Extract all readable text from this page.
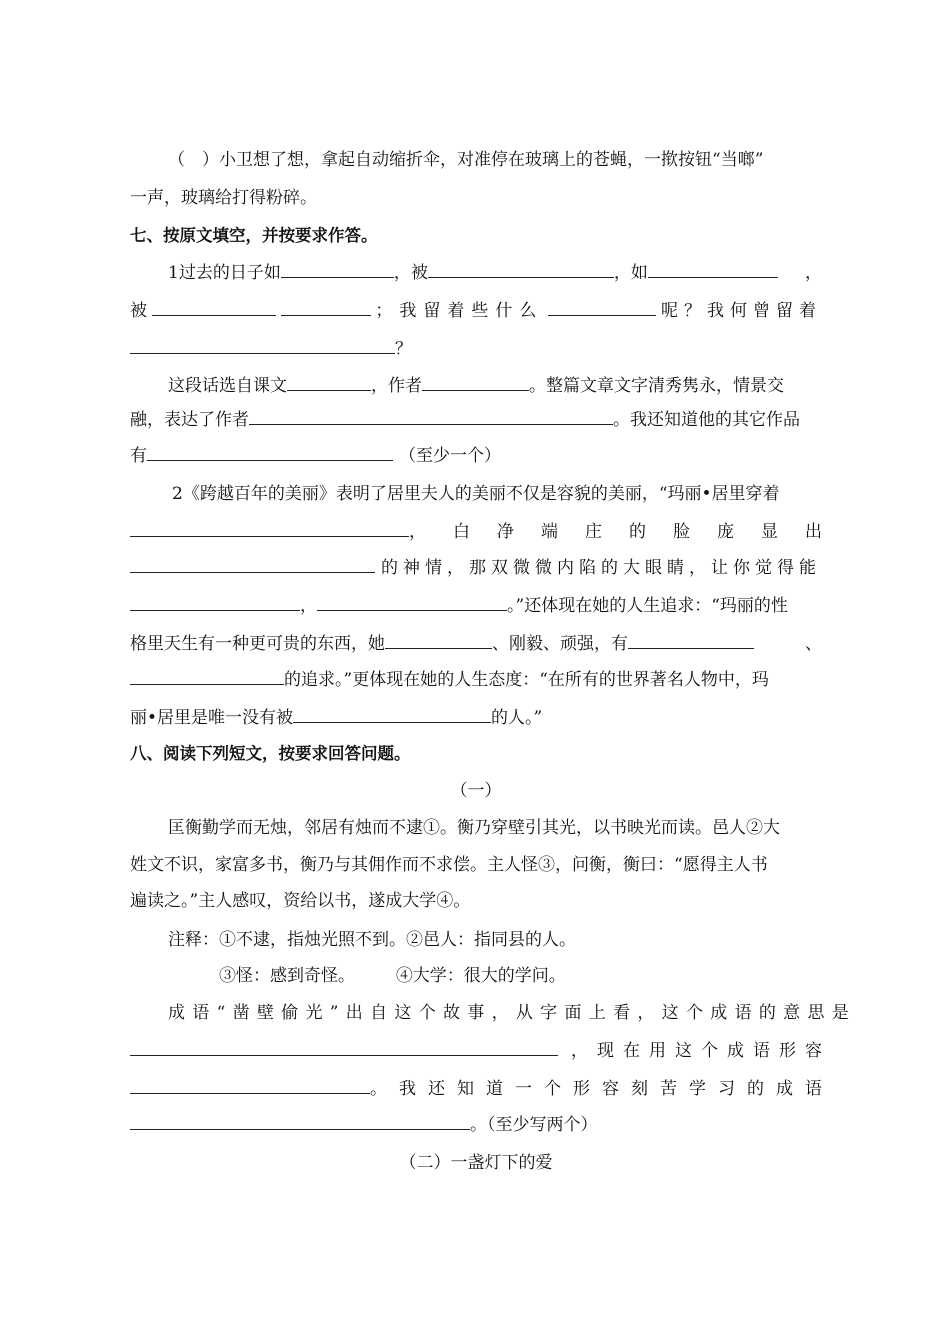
（　）小卫想了想，拿起自动缩折伞，对准停在玻璃上的苍蝇，一揿按钮“当啷”
一声，玻璃给打得粉碎。
七、按原文填空，并按要求作答。
1过去的日子如	，被	，如	，
被	；我留着些什么	呢？我何曾留着
？
这段话选自课文	，作者	。整篇文章文字清秀隽永，情景交
融，表达了作者	。我还知道他的其它作品
有	（至少一个）
2《跨越百年的美丽》表明了居里夫人的美丽不仅是容貌的美丽，“玛丽•居里穿着
，白净端庄的脸庞显出
的神情，那双微微内陷的大眼睛，让你觉得能
，	。”还体现在她的人生追求：“玛丽的性
格里天生有一种更可贵的东西，她	、刚毅、顽强，有	、
的追求。”更体现在她的人生态度：“在所有的世界著名人物中，玛
丽•居里是唯一没有被	的人。”
八、阅读下列短文，按要求回答问题。
（一）
匡衡勤学而无烛，邻居有烛而不逮①。衡乃穿壁引其光，以书映光而读。邑人②大
姓文不识，家富多书，衡乃与其佣作而不求偿。主人怪③，问衡，衡曰：“愿得主人书
遍读之。”主人感叹，资给以书，遂成大学④。
注释：①不逮，指烛光照不到。②邑人：指同县的人。
③怪：感到奇怪。 ④大学：很大的学问。
成语“凿壁偷光”出自这个故事，从字面上看，这个成语的意思是
，现在用这个成语形容
。我还知道一个形容刻苦学习的成语
。（至少写两个）
（二）一盏灯下的爱
